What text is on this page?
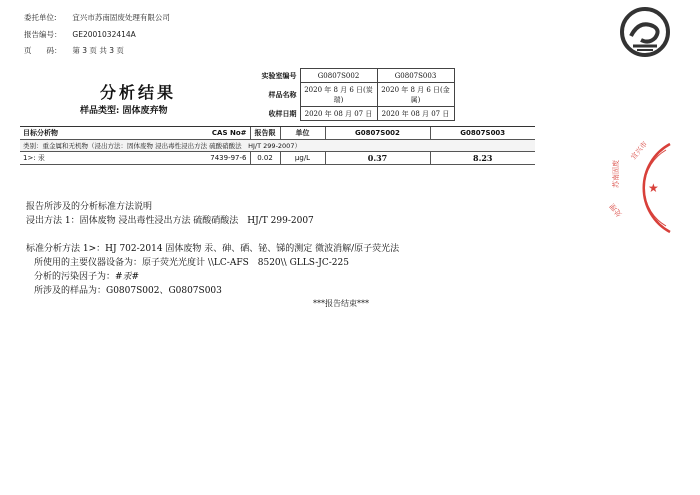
委托单位: 宜兴市苏南固废处理有限公司
报告编号： GE2001032414A
页　　码： 第 3 页 共 3 页
分析结果
样品类型: 固体废弃物
实验室编号	G0807S002	G0807S003
样品名称	2020 年 8 月 6 日(炭瑞)	2020 年 8 月 6 日(金属)
收样日期	2020 年 08 月 07 日	2020 年 08 月 07 日
目标分析物	CAS No#	报告限	单位	G0807S002	G0807S003
类别：重金属和无机物（浸出方法：固体废物 浸出毒性浸出方法 硫酸硝酸法　HJ/T 299-2007）					
1>: 汞	7439-97-6	0.02	μg/L	0.37	8.23	宜兴市
苏南固废
处理
★
报告所涉及的分析标准方法说明
浸出方法 1：固体废物 浸出毒性浸出方法 硫酸硝酸法　HJ/T 299-2007
标准分析方法 1>：HJ 702-2014 固体废物 汞、砷、硒、铋、锑的测定 微波消解/原子荧光法
所使用的主要仪器设备为：原子荧光光度计 \\LC-AFS　8520\\ GLLS-JC-225
分析的污染因子为：#汞#
所涉及的样品为：G0807S002、G0807S003
***报告结束***
